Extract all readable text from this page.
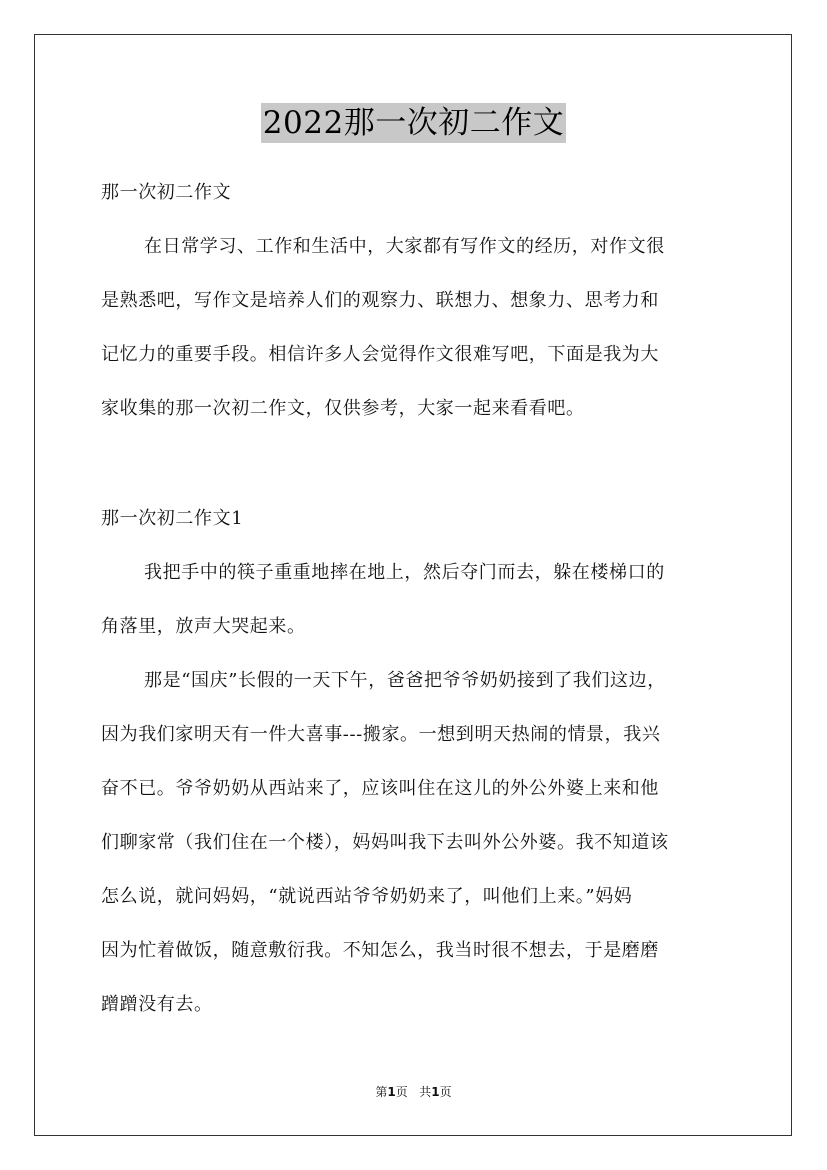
2022那一次初二作文
那一次初二作文
在日常学习、工作和生活中，大家都有写作文的经历，对作文很
是熟悉吧，写作文是培养人们的观察力、联想力、想象力、思考力和
记忆力的重要手段。相信许多人会觉得作文很难写吧，下面是我为大
家收集的那一次初二作文，仅供参考，大家一起来看看吧。
那一次初二作文1
我把手中的筷子重重地摔在地上，然后夺门而去，躲在楼梯口的
角落里，放声大哭起来。
那是“国庆”长假的一天下午，爸爸把爷爷奶奶接到了我们这边，
因为我们家明天有一件大喜事---搬家。一想到明天热闹的情景，我兴
奋不已。爷爷奶奶从西站来了，应该叫住在这儿的外公外婆上来和他
们聊家常（我们住在一个楼），妈妈叫我下去叫外公外婆。我不知道该
怎么说，就问妈妈，“就说西站爷爷奶奶来了，叫他们上来。”妈妈
因为忙着做饭，随意敷衍我。不知怎么，我当时很不想去，于是磨磨
蹭蹭没有去。
第1页 共1页
